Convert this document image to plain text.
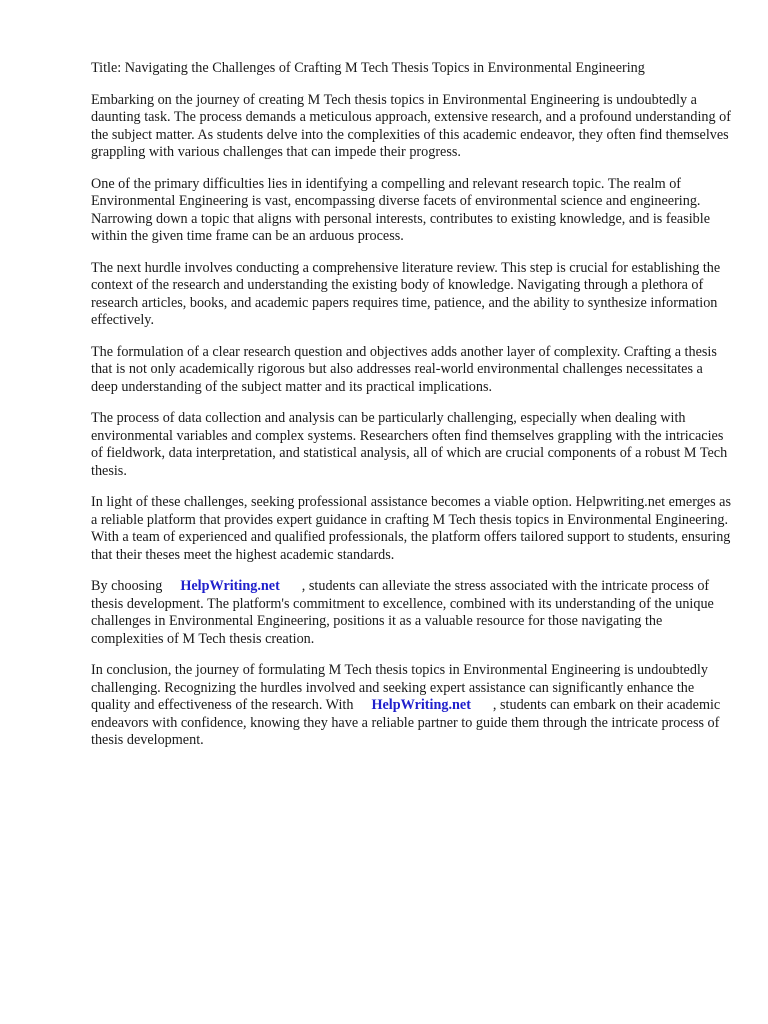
Title: Navigating the Challenges of Crafting M Tech Thesis Topics in Environmental Engineering

Embarking on the journey of creating M Tech thesis topics in Environmental Engineering is undoubtedly a daunting task. The process demands a meticulous approach, extensive research, and a profound understanding of the subject matter. As students delve into the complexities of this academic endeavor, they often find themselves grappling with various challenges that can impede their progress.

One of the primary difficulties lies in identifying a compelling and relevant research topic. The realm of Environmental Engineering is vast, encompassing diverse facets of environmental science and engineering. Narrowing down a topic that aligns with personal interests, contributes to existing knowledge, and is feasible within the given time frame can be an arduous process.

The next hurdle involves conducting a comprehensive literature review. This step is crucial for establishing the context of the research and understanding the existing body of knowledge. Navigating through a plethora of research articles, books, and academic papers requires time, patience, and the ability to synthesize information effectively.

The formulation of a clear research question and objectives adds another layer of complexity. Crafting a thesis that is not only academically rigorous but also addresses real-world environmental challenges necessitates a deep understanding of the subject matter and its practical implications.

The process of data collection and analysis can be particularly challenging, especially when dealing with environmental variables and complex systems. Researchers often find themselves grappling with the intricacies of fieldwork, data interpretation, and statistical analysis, all of which are crucial components of a robust M Tech thesis.

In light of these challenges, seeking professional assistance becomes a viable option. Helpwriting.net emerges as a reliable platform that provides expert guidance in crafting M Tech thesis topics in Environmental Engineering. With a team of experienced and qualified professionals, the platform offers tailored support to students, ensuring that their theses meet the highest academic standards.

By choosing HelpWriting.net , students can alleviate the stress associated with the intricate process of thesis development. The platform's commitment to excellence, combined with its understanding of the unique challenges in Environmental Engineering, positions it as a valuable resource for those navigating the complexities of M Tech thesis creation.

In conclusion, the journey of formulating M Tech thesis topics in Environmental Engineering is undoubtedly challenging. Recognizing the hurdles involved and seeking expert assistance can significantly enhance the quality and effectiveness of the research. With HelpWriting.net , students can embark on their academic endeavors with confidence, knowing they have a reliable partner to guide them through the intricate process of thesis development.
